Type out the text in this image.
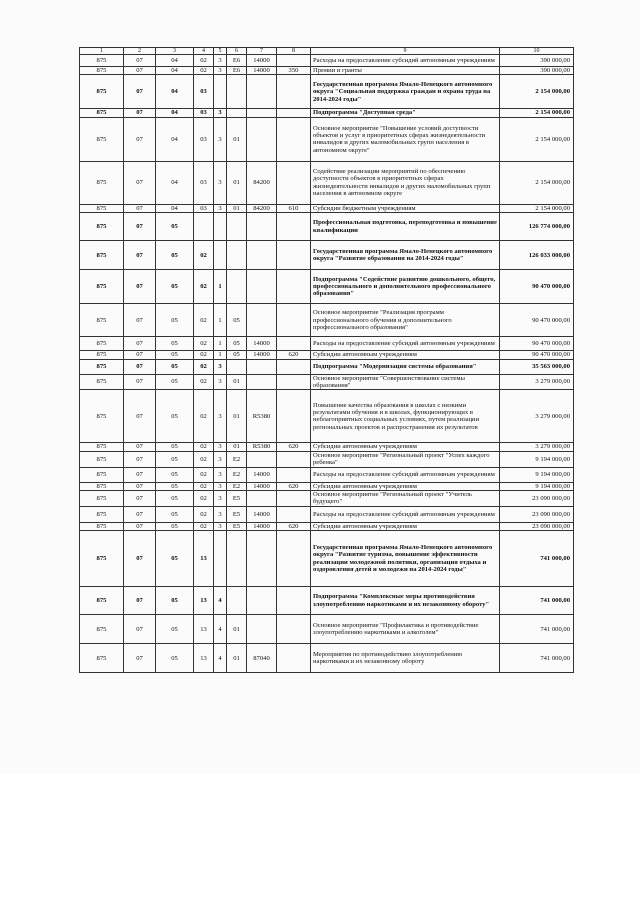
1	2	3	4	5	6	7	8	9	10
875	07	04	02	3	Е6	14000		Расходы на предоставление субсидий автономным учреждениям	390 000,00
875	07	04	02	3	Е6	14000	350	Премии и гранты	390 000,00
875	07	04	03					Государственная программа Ямало-Ненецкого автономного округа "Социальная поддержка граждан и охрана труда на 2014-2024 годы"	2 154 000,00
875	07	04	03	3				Подпрограмма "Доступная среда"	2 154 000,00
875	07	04	03	3	01			Основное мероприятие "Повышение условий доступности объектов и услуг в приоритетных сферах жизнедеятельности инвалидов и других маломобильных групп населения в автономном округе"	2 154 000,00
875	07	04	03	3	01	84200		Содействие реализации мероприятий по обеспечению доступности объектов в приоритетных сферах жизнедеятельности инвалидов и других маломобильных групп населения в автономном округе	2 154 000,00
875	07	04	03	3	01	84200	610	Субсидии бюджетным учреждениям	2 154 000,00
875	07	05						Профессиональная подготовка, переподготовка и повышение квалификации	126 774 000,00
875	07	05	02					Государственная программа Ямало-Ненецкого автономного округа "Развитие образования на 2014-2024 годы"	126 033 000,00
875	07	05	02	1				Подпрограмма "Содействие развитию дошкольного, общего, профессионального и дополнительного профессионального образования"	90 470 000,00
875	07	05	02	1	05			Основное мероприятие "Реализация программ профессионального обучения и дополнительного профессионального образования"	90 470 000,00
875	07	05	02	1	05	14000		Расходы на предоставление субсидий автономным учреждениям	90 470 000,00
875	07	05	02	1	05	14000	620	Субсидии автономным учреждениям	90 470 000,00
875	07	05	02	3				Подпрограмма "Модернизация системы образования"	35 563 000,00
875	07	05	02	3	01			Основное мероприятие "Совершенствование системы образования"	3 279 000,00
875	07	05	02	3	01	R5380		Повышение качества образования в школах с низкими результатами обучения и в школах, функционирующих в неблагоприятных социальных условиях, путем реализации региональных проектов и распространения их результатов	3 279 000,00
875	07	05	02	3	01	R5380	620	Субсидии автономным учреждениям	3 279 000,00
875	07	05	02	3	Е2			Основное мероприятие "Региональный проект "Успех каждого ребенка"	9 194 000,00
875	07	05	02	3	Е2	14000		Расходы на предоставление субсидий автономным учреждениям	9 194 000,00
875	07	05	02	3	Е2	14000	620	Субсидии автономным учреждениям	9 194 000,00
875	07	05	02	3	Е5			Основное мероприятие "Региональный проект "Учитель будущего"	23 090 000,00
875	07	05	02	3	Е5	14000		Расходы на предоставление субсидий автономным учреждениям	23 090 000,00
875	07	05	02	3	Е5	14000	620	Субсидии автономным учреждениям	23 090 000,00
875	07	05	13					Государственная программа Ямало-Ненецкого автономного округа "Развитие туризма, повышение эффективности реализации молодежной политики, организация отдыха и оздоровления детей и молодежи на 2014-2024 годы"	741 000,00
875	07	05	13	4				Подпрограмма "Комплексные меры противодействия злоупотреблению наркотиками и их незаконному обороту"	741 000,00
875	07	05	13	4	01			Основное мероприятие "Профилактика и противодействие злоупотреблению наркотиками и алкоголем"	741 000,00
875	07	05	13	4	01	87040		Мероприятия по противодействию злоупотреблению наркотиками и их незаконному обороту	741 000,00
